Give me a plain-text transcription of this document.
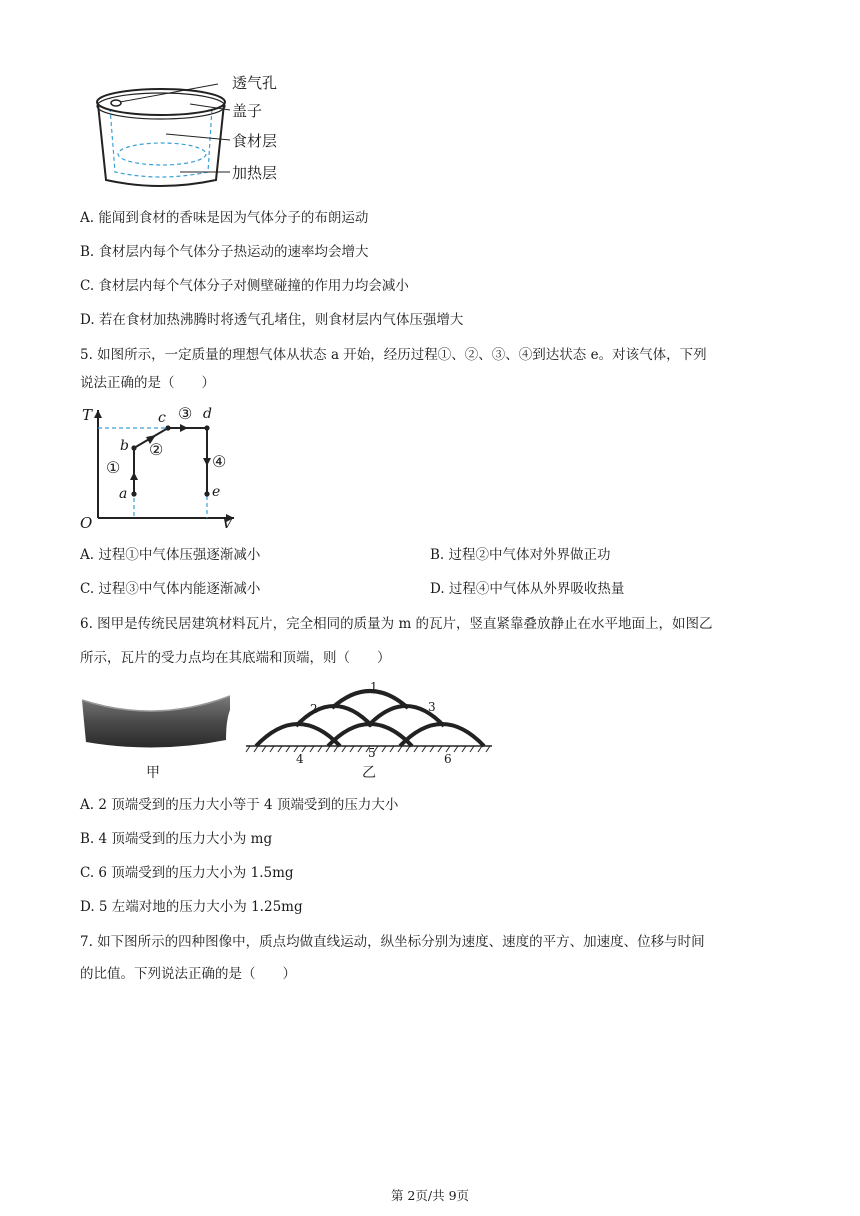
透气孔
盖子
食材层
加热层
A. 能闻到食材的香味是因为气体分子的布朗运动
B. 食材层内每个气体分子热运动的速率均会增大
C. 食材层内每个气体分子对侧壁碰撞的作用力均会减小
D. 若在食材加热沸腾时将透气孔堵住，则食材层内气体压强增大
5. 如图所示，一定质量的理想气体从状态 a 开始，经历过程①、②、③、④到达状态 e。对该气体，下列
说法正确的是（　　）
T
V
O
a
b
c	d
e
①
②
③
④
A. 过程①中气体压强逐渐减小	B. 过程②中气体对外界做正功
C. 过程③中气体内能逐渐减小	D. 过程④中气体从外界吸收热量
6. 图甲是传统民居建筑材料瓦片，完全相同的质量为 m 的瓦片，竖直紧靠叠放静止在水平地面上，如图乙
所示，瓦片的受力点均在其底端和顶端，则（　　）
甲
1
2	3
4	5	6
乙
A. 2 顶端受到的压力大小等于 4 顶端受到的压力大小
B. 4 顶端受到的压力大小为 mg
C. 6 顶端受到的压力大小为 1.5mg
D. 5 左端对地的压力大小为 1.25mg
7. 如下图所示的四种图像中，质点均做直线运动，纵坐标分别为速度、速度的平方、加速度、位移与时间
的比值。下列说法正确的是（　　）
第 2页/共 9页
